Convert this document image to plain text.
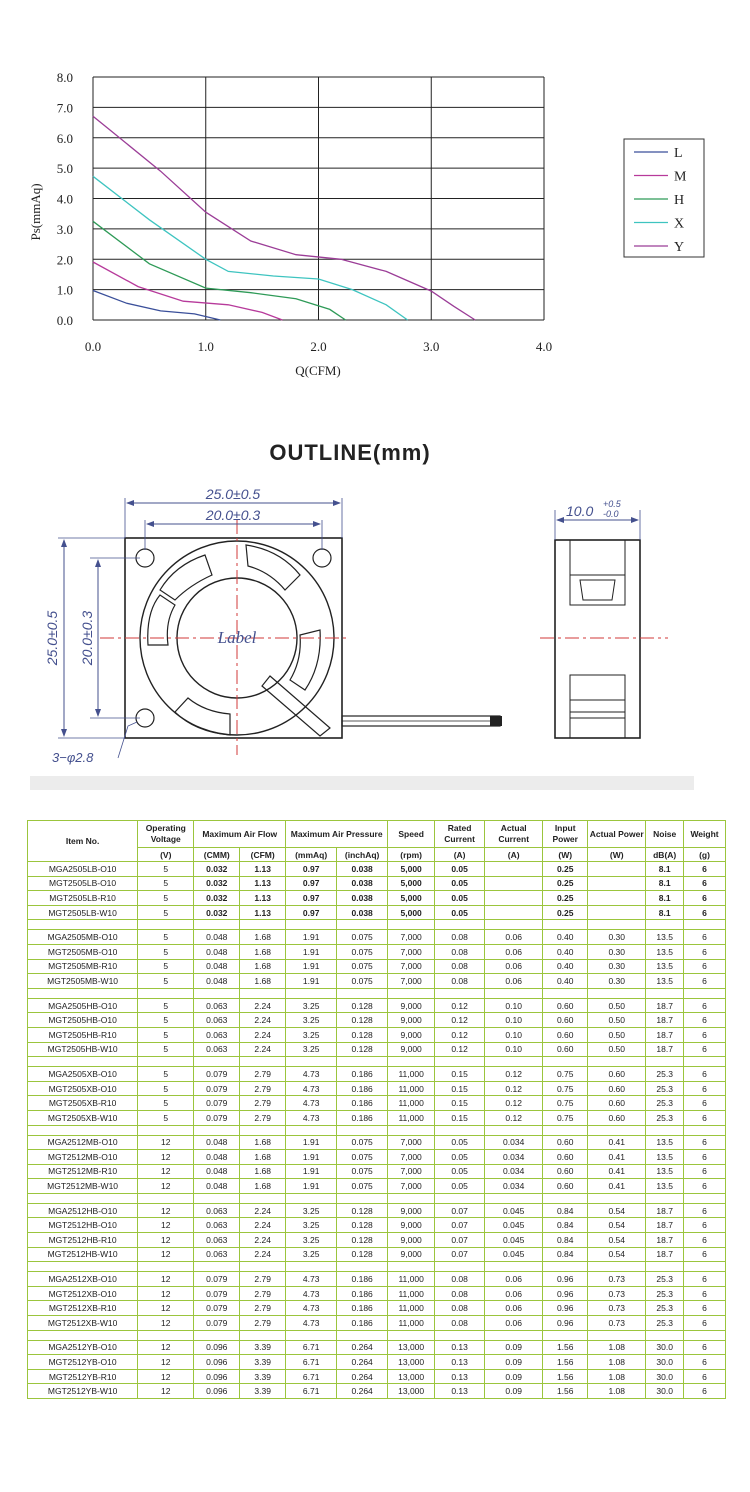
0.0
1.0
2.0
3.0
4.0
5.0
6.0
7.0
8.0
0.0	1.0	2.0	3.0	4.0
Ps(mmAq)
Q(CFM)
L
M
H
X
Y
OUTLINE(mm)
Label
25.0±0.5
20.0±0.3
25.0±0.5 20.0±0.3
3−φ2.8
10.0 +0.5
-0.0
Item No.	Operating Voltage	Maximum Air Flow		Maximum Air Pressure		Speed	Rated Current	Actual Current	Input Power	Actual Power	Noise	Weight
	(V)	(CMM)	(CFM)	(mmAq)	(inchAq)	(rpm)	(A)	(A)	(W)	(W)	dB(A)	(g)
MGA2505LB-O10	5	0.032	1.13	0.97	0.038	5,000	0.05		0.25		8.1	6
MGT2505LB-O10	5	0.032	1.13	0.97	0.038	5,000	0.05		0.25		8.1	6
MGT2505LB-R10	5	0.032	1.13	0.97	0.038	5,000	0.05		0.25		8.1	6
MGT2505LB-W10	5	0.032	1.13	0.97	0.038	5,000	0.05		0.25		8.1	6

MGA2505MB-O10	5	0.048	1.68	1.91	0.075	7,000	0.08	0.06	0.40	0.30	13.5	6
MGT2505MB-O10	5	0.048	1.68	1.91	0.075	7,000	0.08	0.06	0.40	0.30	13.5	6
MGT2505MB-R10	5	0.048	1.68	1.91	0.075	7,000	0.08	0.06	0.40	0.30	13.5	6
MGT2505MB-W10	5	0.048	1.68	1.91	0.075	7,000	0.08	0.06	0.40	0.30	13.5	6

MGA2505HB-O10	5	0.063	2.24	3.25	0.128	9,000	0.12	0.10	0.60	0.50	18.7	6
MGT2505HB-O10	5	0.063	2.24	3.25	0.128	9,000	0.12	0.10	0.60	0.50	18.7	6
MGT2505HB-R10	5	0.063	2.24	3.25	0.128	9,000	0.12	0.10	0.60	0.50	18.7	6
MGT2505HB-W10	5	0.063	2.24	3.25	0.128	9,000	0.12	0.10	0.60	0.50	18.7	6

MGA2505XB-O10	5	0.079	2.79	4.73	0.186	11,000	0.15	0.12	0.75	0.60	25.3	6
MGT2505XB-O10	5	0.079	2.79	4.73	0.186	11,000	0.15	0.12	0.75	0.60	25.3	6
MGT2505XB-R10	5	0.079	2.79	4.73	0.186	11,000	0.15	0.12	0.75	0.60	25.3	6
MGT2505XB-W10	5	0.079	2.79	4.73	0.186	11,000	0.15	0.12	0.75	0.60	25.3	6

MGA2512MB-O10	12	0.048	1.68	1.91	0.075	7,000	0.05	0.034	0.60	0.41	13.5	6
MGT2512MB-O10	12	0.048	1.68	1.91	0.075	7,000	0.05	0.034	0.60	0.41	13.5	6
MGT2512MB-R10	12	0.048	1.68	1.91	0.075	7,000	0.05	0.034	0.60	0.41	13.5	6
MGT2512MB-W10	12	0.048	1.68	1.91	0.075	7,000	0.05	0.034	0.60	0.41	13.5	6

MGA2512HB-O10	12	0.063	2.24	3.25	0.128	9,000	0.07	0.045	0.84	0.54	18.7	6
MGT2512HB-O10	12	0.063	2.24	3.25	0.128	9,000	0.07	0.045	0.84	0.54	18.7	6
MGT2512HB-R10	12	0.063	2.24	3.25	0.128	9,000	0.07	0.045	0.84	0.54	18.7	6
MGT2512HB-W10	12	0.063	2.24	3.25	0.128	9,000	0.07	0.045	0.84	0.54	18.7	6

MGA2512XB-O10	12	0.079	2.79	4.73	0.186	11,000	0.08	0.06	0.96	0.73	25.3	6
MGT2512XB-O10	12	0.079	2.79	4.73	0.186	11,000	0.08	0.06	0.96	0.73	25.3	6
MGT2512XB-R10	12	0.079	2.79	4.73	0.186	11,000	0.08	0.06	0.96	0.73	25.3	6
MGT2512XB-W10	12	0.079	2.79	4.73	0.186	11,000	0.08	0.06	0.96	0.73	25.3	6

MGA2512YB-O10	12	0.096	3.39	6.71	0.264	13,000	0.13	0.09	1.56	1.08	30.0	6
MGT2512YB-O10	12	0.096	3.39	6.71	0.264	13,000	0.13	0.09	1.56	1.08	30.0	6
MGT2512YB-R10	12	0.096	3.39	6.71	0.264	13,000	0.13	0.09	1.56	1.08	30.0	6
MGT2512YB-W10	12	0.096	3.39	6.71	0.264	13,000	0.13	0.09	1.56	1.08	30.0	6
